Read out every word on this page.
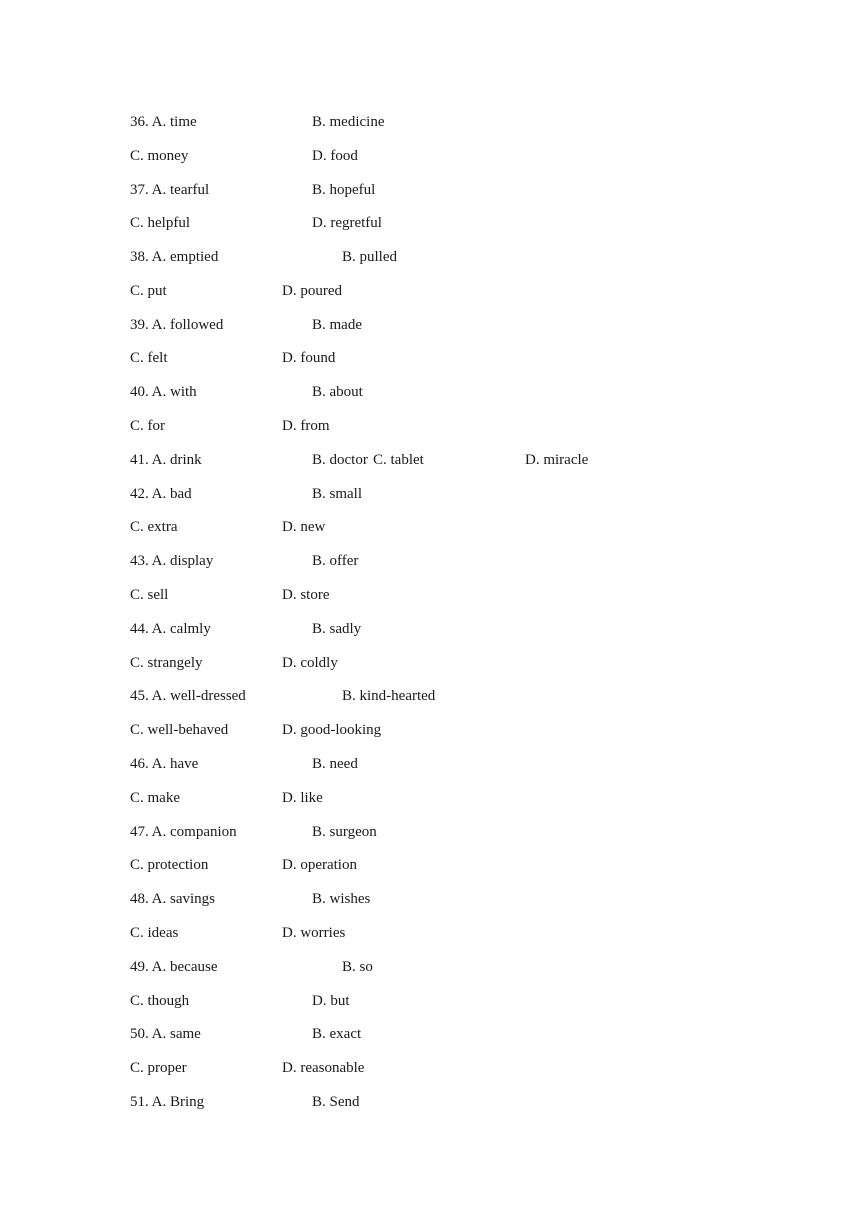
36. A. time	B. medicine
C. money	D. food
37. A. tearful	B. hopeful
C. helpful	D. regretful
38. A. emptied	B. pulled
C. put	D. poured
39. A. followed	B. made
C. felt	D. found
40. A. with	B. about
C. for	D. from
41. A. drink	B. doctor C. tablet	D. miracle
42. A. bad	B. small
C. extra	D. new
43. A. display	B. offer
C. sell	D. store
44. A. calmly	B. sadly
C. strangely	D. coldly
45. A. well-dressed	B. kind-hearted
C. well-behaved	D. good-looking
46. A. have	B. need
C. make	D. like
47. A. companion	B. surgeon
C. protection	D. operation
48. A. savings	B. wishes
C. ideas	D. worries
49. A. because	B. so
C. though	D. but
50. A. same	B. exact
C. proper	D. reasonable
51. A. Bring	B. Send
